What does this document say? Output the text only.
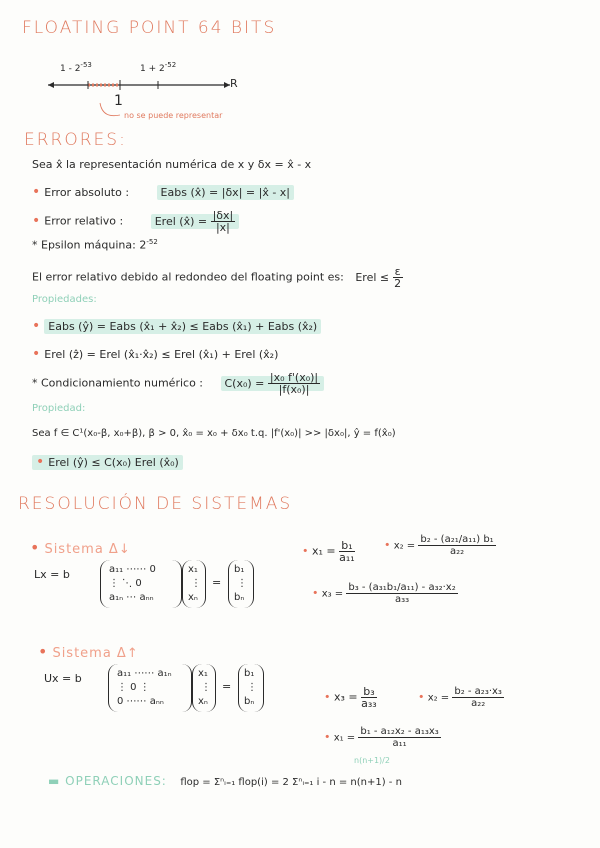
FLOATING POINT 64 BITS
$1 - 2^{-53}$	$1 + 2^{-52}$
R
1
no se puede representar
ERRORES:
Sea x̂ la representación numérica de x y δx = x̂ - x
• Error absoluto :	Eabs (x̂) = |δx| = |x̂ - x|
• Error relativo :	Erel (x̂) = $\frac{|\delta x|}{|x|}$
* Epsilon máquina: $2^{-52}$
El error relativo debido al redondeo del floating point es: Erel ≤ $\frac{\varepsilon}{2}$
Propiedades:
• Eabs (ŷ) = Eabs (x̂₁ + x̂₂) ≤ Eabs (x̂₁) + Eabs (x̂₂)
• Erel (ẑ) = Erel (x̂₁·x̂₂) ≤ Erel (x̂₁) + Erel (x̂₂)
* Condicionamiento numérico : $C(x_0) = \frac{\text{|x₀ f'(x₀)|}}{\text{|f(x₀)|}}$
Propiedad:
Sea f ∈ C¹(x₀-β, x₀+β), β > 0, x̂₀ = x₀ + δx₀ t.q. |f'(x₀)| >> |δx₀|, ŷ = f(x̂₀)
• Erel (ŷ) ≤ C(x₀) Erel (x̂₀)
RESOLUCIÓN DE SISTEMAS
• Sistema Δ↓
Lx = b	a₁₁ ⋯⋯ 0
⋮ ⋱ 0
a₁ₙ ⋯ aₙₙ
x₁
⋮
xₙ
=
b₁
⋮
bₙ
• $x_1 = \frac{\text{b₁}}{\text{a₁₁}}$	• $x_2 = \frac{\text{b₂ - (a₂₁/a₁₁) b₁}}{\text{a₂₂}}$
• $x_3 = \frac{\text{b₃ - (a₃₁b₁/a₁₁) - a₃₂·x₂}}{\text{a₃₃}}$
• Sistema Δ↑
Ux = b	a₁₁ ⋯⋯ a₁ₙ
⋮ 0 ⋮
0 ⋯⋯ aₙₙ
x₁
⋮
xₙ
=
b₁
⋮
bₙ	• $x_3 = \frac{\text{b₃}}{\text{a₃₃}}$	• $x_2 = \frac{\text{b₂ - a₂₃·x₃}}{\text{a₂₂}}$
• $x_1 = \frac{\text{b₁ - a₁₂x₂ - a₁₃x₃}}{\text{a₁₁}}$
▬ OPERACIONES: flop = Σⁿᵢ₌₁ flop(i) = 2 Σⁿᵢ₌₁ i - n = n(n+1) - n
n(n+1)/2
